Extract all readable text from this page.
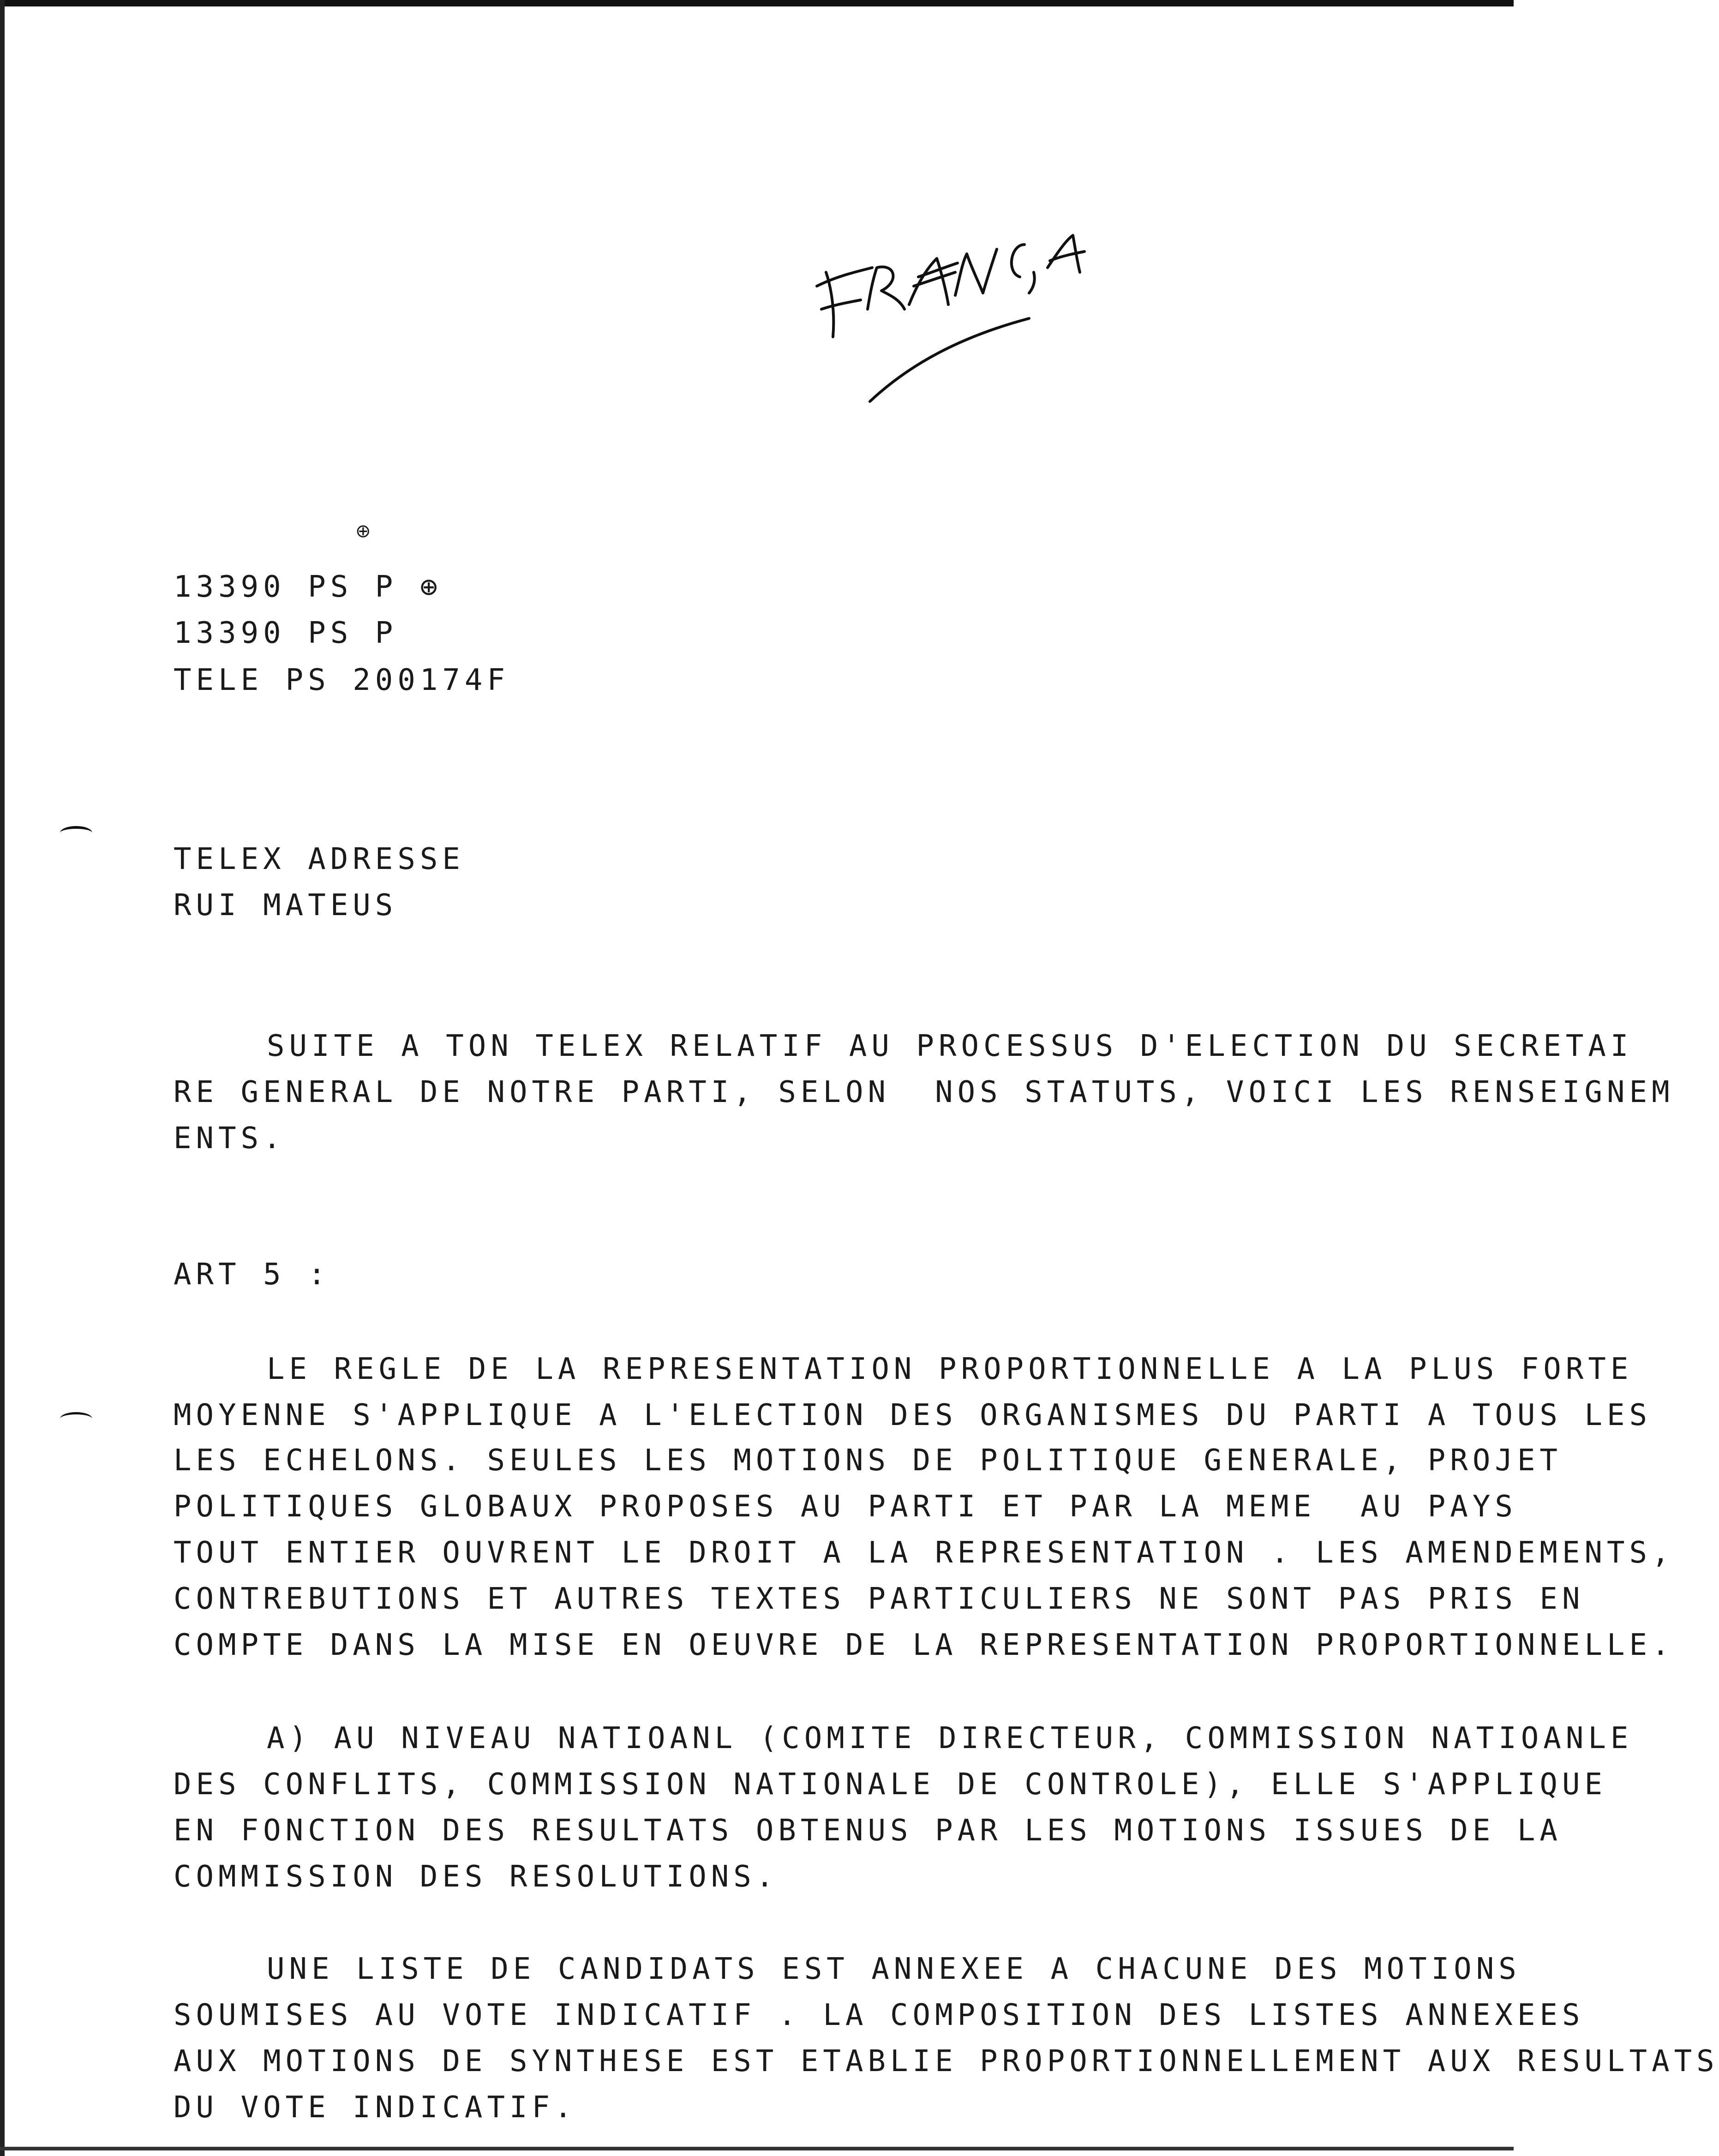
⊕
13390 PS P ⊕
13390 PS P
TELE PS 200174F
TELEX ADRESSE
RUI MATEUS
SUITE A TON TELEX RELATIF AU PROCESSUS D'ELECTION DU SECRETAI
RE GENERAL DE NOTRE PARTI, SELON  NOS STATUTS, VOICI LES RENSEIGNEM
ENTS.
ART 5 :
LE REGLE DE LA REPRESENTATION PROPORTIONNELLE A LA PLUS FORTE
MOYENNE S'APPLIQUE A L'ELECTION DES ORGANISMES DU PARTI A TOUS LES
LES ECHELONS. SEULES LES MOTIONS DE POLITIQUE GENERALE, PROJET
POLITIQUES GLOBAUX PROPOSES AU PARTI ET PAR LA MEME  AU PAYS
TOUT ENTIER OUVRENT LE DROIT A LA REPRESENTATION . LES AMENDEMENTS,
CONTREBUTIONS ET AUTRES TEXTES PARTICULIERS NE SONT PAS PRIS EN
COMPTE DANS LA MISE EN OEUVRE DE LA REPRESENTATION PROPORTIONNELLE.
A) AU NIVEAU NATIOANL (COMITE DIRECTEUR, COMMISSION NATIOANLE
DES CONFLITS, COMMISSION NATIONALE DE CONTROLE), ELLE S'APPLIQUE
EN FONCTION DES RESULTATS OBTENUS PAR LES MOTIONS ISSUES DE LA
COMMISSION DES RESOLUTIONS.
UNE LISTE DE CANDIDATS EST ANNEXEE A CHACUNE DES MOTIONS
SOUMISES AU VOTE INDICATIF . LA COMPOSITION DES LISTES ANNEXEES
AUX MOTIONS DE SYNTHESE EST ETABLIE PROPORTIONNELLEMENT AUX RESULTATS
DU VOTE INDICATIF.
